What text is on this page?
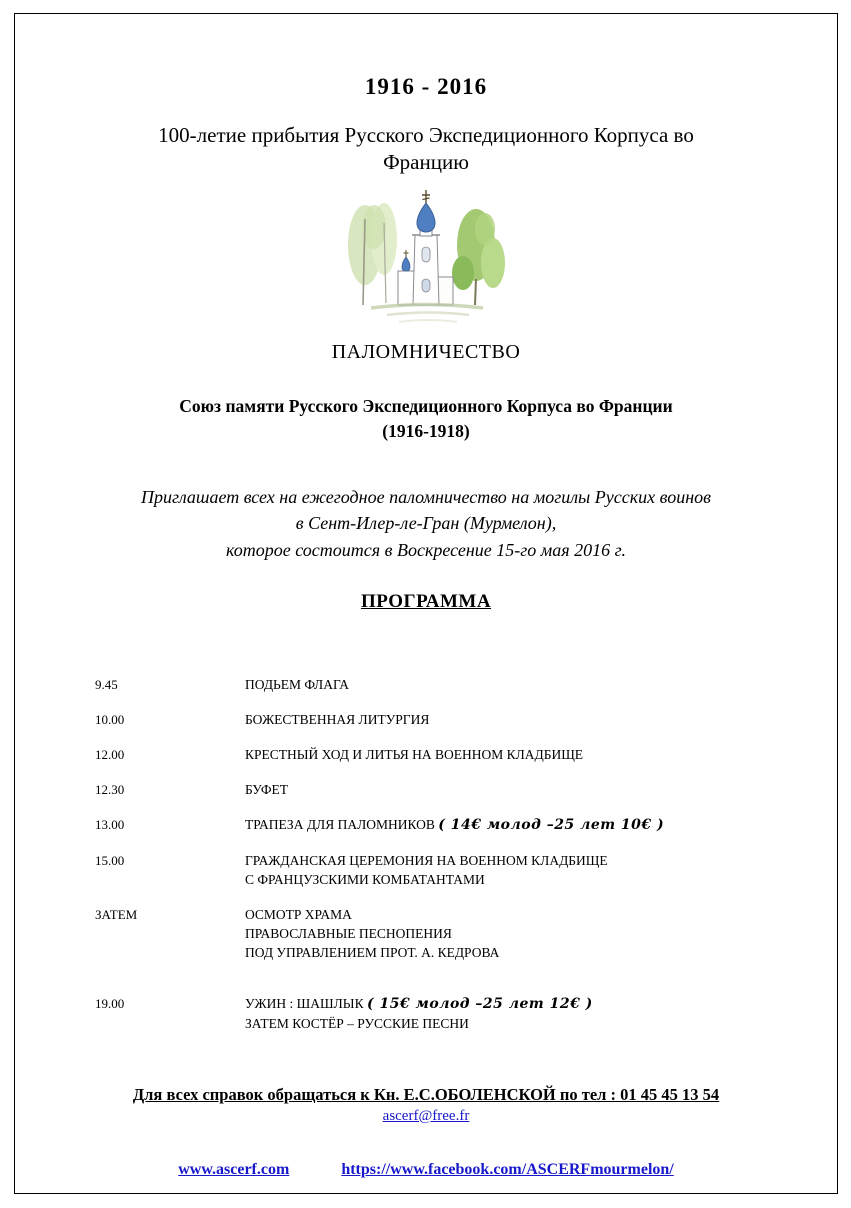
1916 - 2016
100-летие прибытия Русского Экспедиционного Корпуса во Францию
ПАЛОМНИЧЕСТВО
Союз памяти Русского Экспедиционного Корпуса во Франции
(1916-1918)
Приглашает всех на ежегодное паломничество на могилы Русских воинов
в Сент-Илер-ле-Гран (Мурмелон),
которое состоится в Воскресение 15-го мая 2016 г.
ПРОГРАММА
9.45	ПОДЬЕМ ФЛАГА
10.00	БОЖЕСТВЕННАЯ ЛИТУРГИЯ
12.00	КРЕСТНЫЙ ХОД И ЛИТЬЯ НА ВОЕННОМ КЛАДБИЩЕ
12.30	БУФЕТ
13.00	ТРАПЕЗА ДЛЯ ПАЛОМНИКОВ ( 14€ молод –25 лет 10€ )
15.00	ГРАЖДАНСКАЯ ЦЕРЕМОНИЯ НА ВОЕННОМ КЛАДБИЩЕ
С ФРАНЦУЗСКИМИ КОМБАТАНТАМИ
ЗАТЕМ	ОСМОТР ХРАМА
ПРАВОСЛАВНЫЕ ПЕСНОПЕНИЯ
ПОД УПРАВЛЕНИЕМ ПРОТ. А. КЕДРОВА
19.00	УЖИН : ШАШЛЫК ( 15€ молод –25 лет 12€ )
ЗАТЕМ КОСТЁР – РУССКИЕ ПЕСНИ
Для всех справок обращаться к Кн. Е.С.ОБОЛЕНСКОЙ по тел : 01 45 45 13 54
ascerf@free.fr
www.ascerf.com	https://www.facebook.com/ASCERFmourmelon/
